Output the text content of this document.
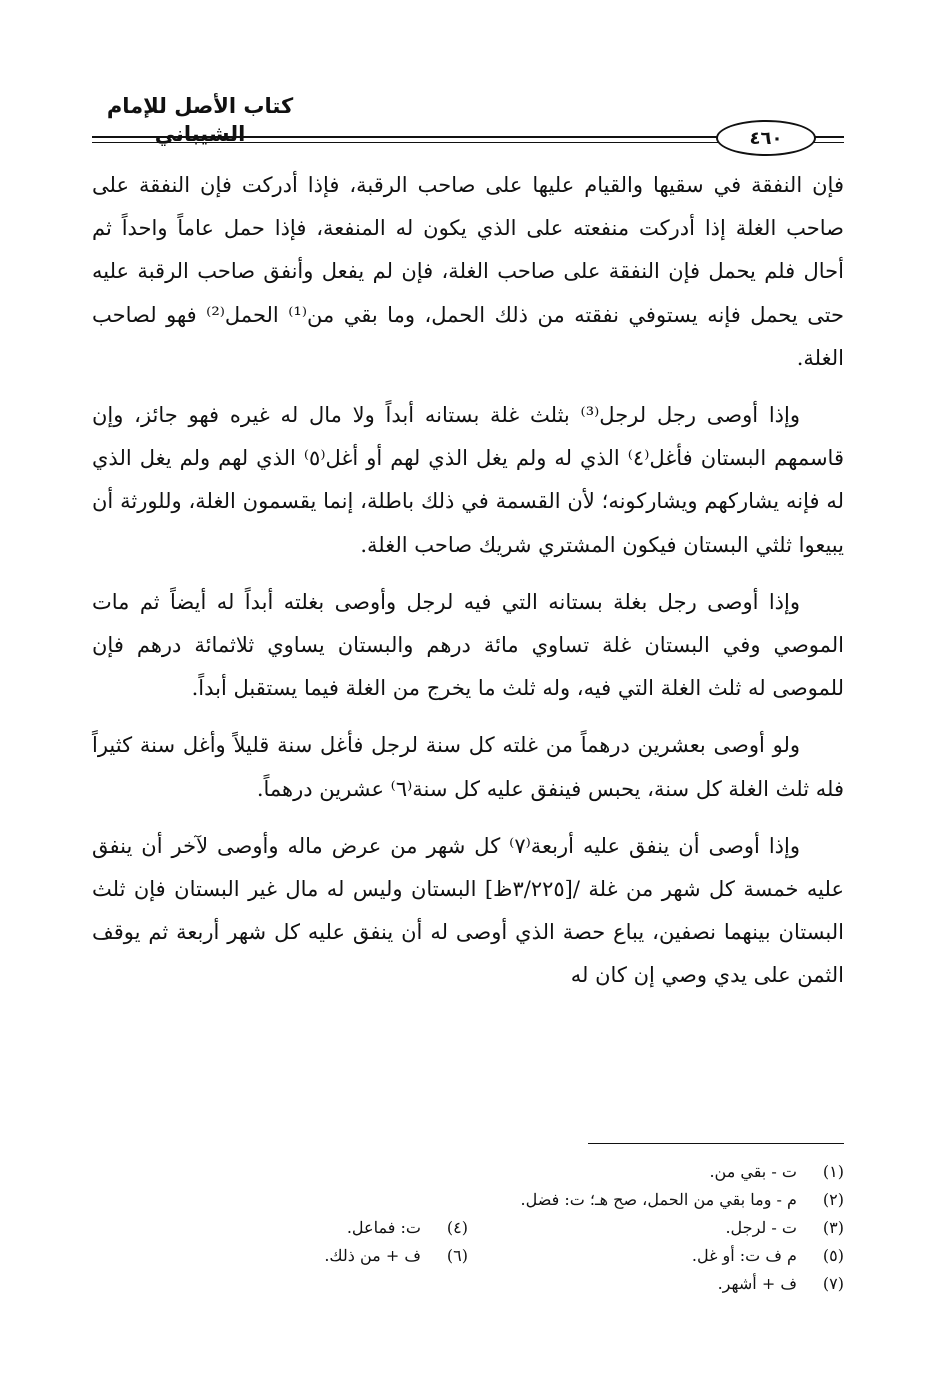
كتاب الأصل للإمام الشيباني	٤٦٠

فإن النفقة في سقيها والقيام عليها على صاحب الرقبة، فإذا أدركت فإن النفقة على صاحب الغلة إذا أدركت منفعته على الذي يكون له المنفعة، فإذا حمل عاماً واحداً ثم أحال فلم يحمل فإن النفقة على صاحب الغلة، فإن لم يفعل وأنفق صاحب الرقبة عليه حتى يحمل فإنه يستوفي نفقته من ذلك الحمل، وما بقي من⁽¹⁾ الحمل⁽²⁾ فهو لصاحب الغلة.

وإذا أوصى رجل لرجل⁽³⁾ بثلث غلة بستانه أبداً ولا مال له غيره فهو جائز، وإن قاسمهم البستان فأغل⁽٤⁾ الذي له ولم يغل الذي لهم أو أغل⁽٥⁾ الذي لهم ولم يغل الذي له فإنه يشاركهم ويشاركونه؛ لأن القسمة في ذلك باطلة، إنما يقسمون الغلة، وللورثة أن يبيعوا ثلثي البستان فيكون المشتري شريك صاحب الغلة.

وإذا أوصى رجل بغلة بستانه التي فيه لرجل وأوصى بغلته أبداً له أيضاً ثم مات الموصي وفي البستان غلة تساوي مائة درهم والبستان يساوي ثلاثمائة درهم فإن للموصى له ثلث الغلة التي فيه، وله ثلث ما يخرج من الغلة فيما يستقبل أبداً.

ولو أوصى بعشرين درهماً من غلته كل سنة لرجل فأغل سنة قليلاً وأغل سنة كثيراً فله ثلث الغلة كل سنة، يحبس فينفق عليه كل سنة⁽٦⁾ عشرين درهماً.

وإذا أوصى أن ينفق عليه أربعة⁽٧⁾ كل شهر من عرض ماله وأوصى لآخر أن ينفق عليه خمسة كل شهر من غلة /[٣/٢٢٥ظ] البستان وليس له مال غير البستان فإن ثلث البستان بينهما نصفين، يباع حصة الذي أوصى له أن ينفق عليه كل شهر أربعة ثم يوقف الثمن على يدي وصي إن كان له

(١) ت - بقي من.
(٢) م - وما بقي من الحمل، صح هـ؛ ت: فضل.
(٣) ت - لرجل.
(٤) ت: فماعل.
(٥) م ف ت: أو غل.
(٦) ف + من ذلك.
(٧) ف + أشهر.
